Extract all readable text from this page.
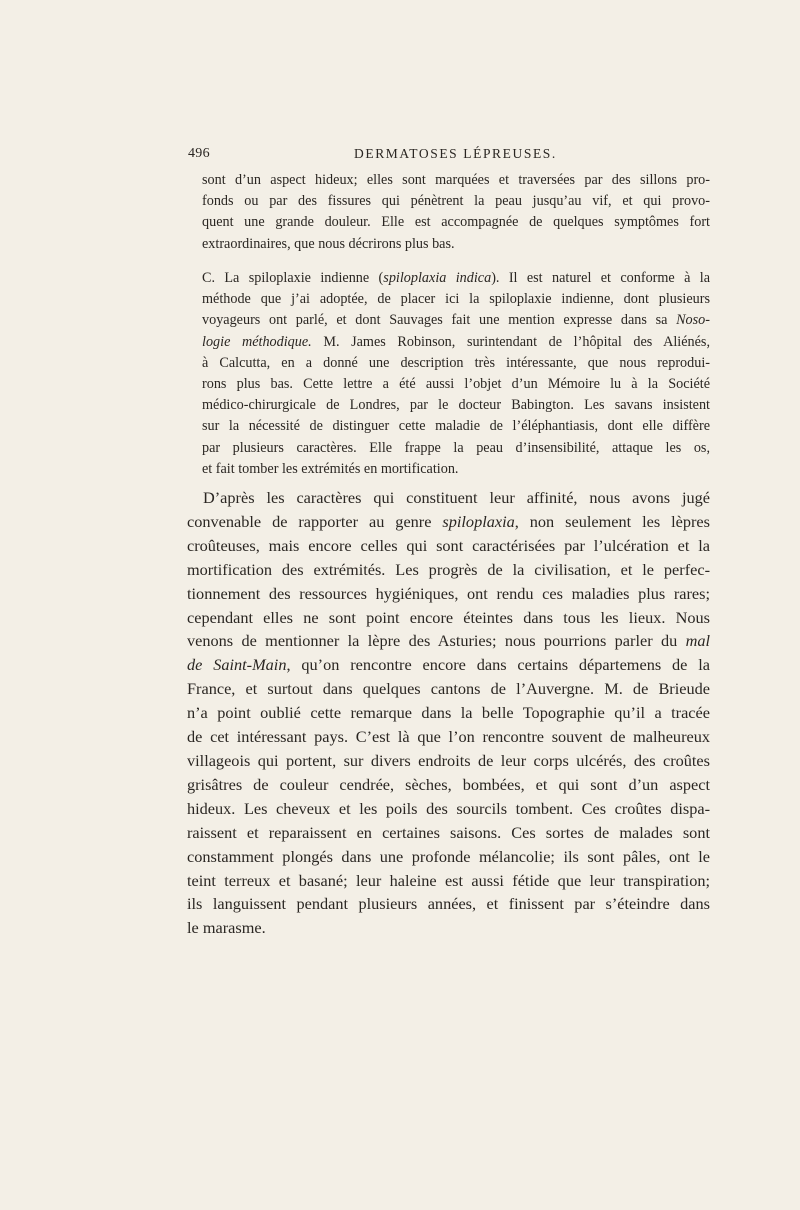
496	DERMATOSES LÉPREUSES.
sont d’un aspect hideux; elles sont marquées et traversées par des sillons pro-
fonds ou par des fissures qui pénètrent la peau jusqu’au vif, et qui provo-
quent une grande douleur. Elle est accompagnée de quelques symptômes fort
extraordinaires, que nous décrirons plus bas.
C. La spiloplaxie indienne (spiloplaxia indica). Il est naturel et conforme à la
méthode que j’ai adoptée, de placer ici la spiloplaxie indienne, dont plusieurs
voyageurs ont parlé, et dont Sauvages fait une mention expresse dans sa Noso-
logie méthodique. M. James Robinson, surintendant de l’hôpital des Aliénés,
à Calcutta, en a donné une description très intéressante, que nous reprodui-
rons plus bas. Cette lettre a été aussi l’objet d’un Mémoire lu à la Société
médico-chirurgicale de Londres, par le docteur Babington. Les savans insistent
sur la nécessité de distinguer cette maladie de l’éléphantiasis, dont elle diffère
par plusieurs caractères. Elle frappe la peau d’insensibilité, attaque les os,
et fait tomber les extrémités en mortification.
D’après les caractères qui constituent leur affinité, nous avons jugé
convenable de rapporter au genre spiloplaxia, non seulement les lèpres
croûteuses, mais encore celles qui sont caractérisées par l’ulcération et la
mortification des extrémités. Les progrès de la civilisation, et le perfec-
tionnement des ressources hygiéniques, ont rendu ces maladies plus rares;
cependant elles ne sont point encore éteintes dans tous les lieux. Nous
venons de mentionner la lèpre des Asturies; nous pourrions parler du mal
de Saint-Main, qu’on rencontre encore dans certains départemens de la
France, et surtout dans quelques cantons de l’Auvergne. M. de Brieude
n’a point oublié cette remarque dans la belle Topographie qu’il a tracée
de cet intéressant pays. C’est là que l’on rencontre souvent de malheureux
villageois qui portent, sur divers endroits de leur corps ulcérés, des croûtes
grisâtres de couleur cendrée, sèches, bombées, et qui sont d’un aspect
hideux. Les cheveux et les poils des sourcils tombent. Ces croûtes dispa-
raissent et reparaissent en certaines saisons. Ces sortes de malades sont
constamment plongés dans une profonde mélancolie; ils sont pâles, ont le
teint terreux et basané; leur haleine est aussi fétide que leur transpiration;
ils languissent pendant plusieurs années, et finissent par s’éteindre dans
le marasme.
